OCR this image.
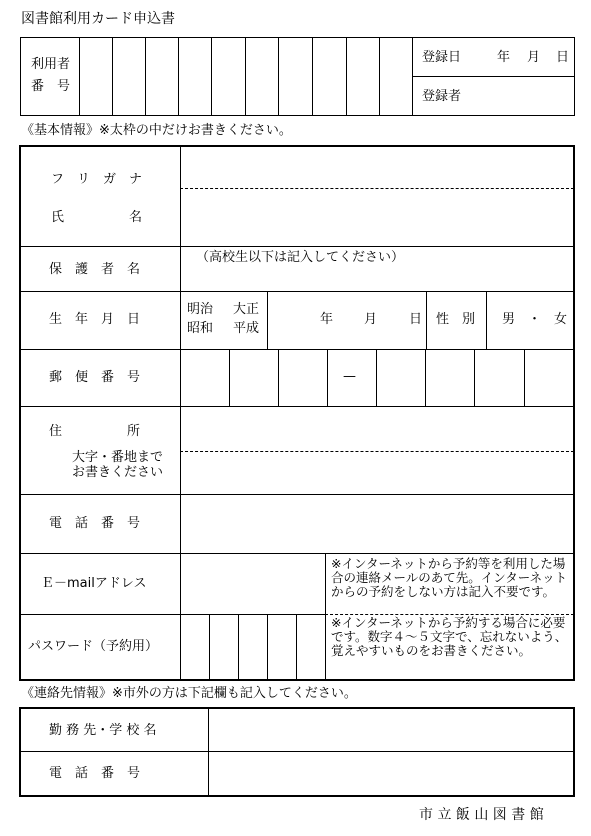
図書館利用カード申込書
利用者
番　号
登録日	年 月 日
登録者
《基本情報》※太枠の中だけお書きください。
フ　リ　ガ　ナ
氏　　　　　名
保　護　者　名
（高校生以下は記入してください）
生　年　月　日
明治 大正
昭和 平成
年 月 日 性　別 男　・　女
郵　便　番　号	—
住　　　　　所
大字・番地まで
お書きください
電　話　番　号
Ｅ－mailアドレス
※インターネットから予約等を利用した場合の連絡メールのあて先。インターネットからの予約をしない方は記入不要です。
パスワード（予約用）
※インターネットから予約する場合に必要です。数字４～５文字で、忘れないよう、覚えやすいものをお書きください。
《連絡先情報》※市外の方は下記欄も記入してください。
勤 務 先・学 校 名
電　話　番　号
市 立 飯 山 図 書 館
